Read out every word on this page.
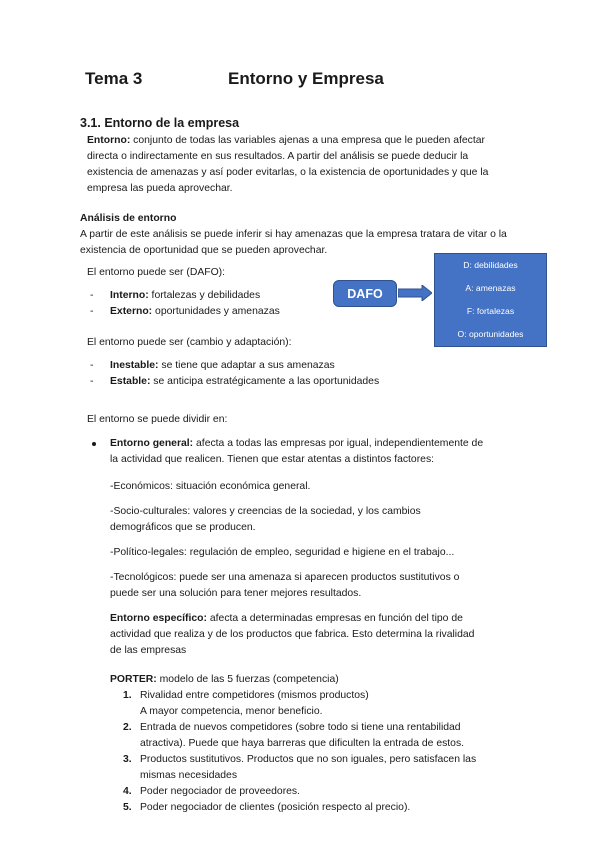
Tema 3	Entorno y Empresa
3.1. Entorno de la empresa
Entorno: conjunto de todas las variables ajenas a una empresa que le pueden afectar
directa o indirectamente en sus resultados. A partir del análisis se puede deducir la
existencia de amenazas y así poder evitarlas, o la existencia de oportunidades y que la
empresa las pueda aprovechar.
Análisis de entorno
A partir de este análisis se puede inferir si hay amenazas que la empresa tratara de vitar o la
existencia de oportunidad que se pueden aprovechar.
El entorno puede ser (DAFO):
- Interno: fortalezas y debilidades
- Externo: oportunidades y amenazas
DAFO
D: debilidades
A: amenazas
F: fortalezas
O: oportunidades
El entorno puede ser (cambio y adaptación):
- Inestable: se tiene que adaptar a sus amenazas
- Estable: se anticipa estratégicamente a las oportunidades
El entorno se puede dividir en:
Entorno general: afecta a todas las empresas por igual, independientemente de
la actividad que realicen. Tienen que estar atentas a distintos factores:
-Económicos: situación económica general.
-Socio-culturales: valores y creencias de la sociedad, y los cambios
demográficos que se producen.
-Político-legales: regulación de empleo, seguridad e higiene en el trabajo...
-Tecnológicos: puede ser una amenaza si aparecen productos sustitutivos o
puede ser una solución para tener mejores resultados.
Entorno específico: afecta a determinadas empresas en función del tipo de
actividad que realiza y de los productos que fabrica. Esto determina la rivalidad
de las empresas
PORTER: modelo de las 5 fuerzas (competencia)
1. Rivalidad entre competidores (mismos productos)
A mayor competencia, menor beneficio.
2. Entrada de nuevos competidores (sobre todo si tiene una rentabilidad
atractiva). Puede que haya barreras que dificulten la entrada de estos.
3. Productos sustitutivos. Productos que no son iguales, pero satisfacen las
mismas necesidades
4. Poder negociador de proveedores.
5. Poder negociador de clientes (posición respecto al precio).
